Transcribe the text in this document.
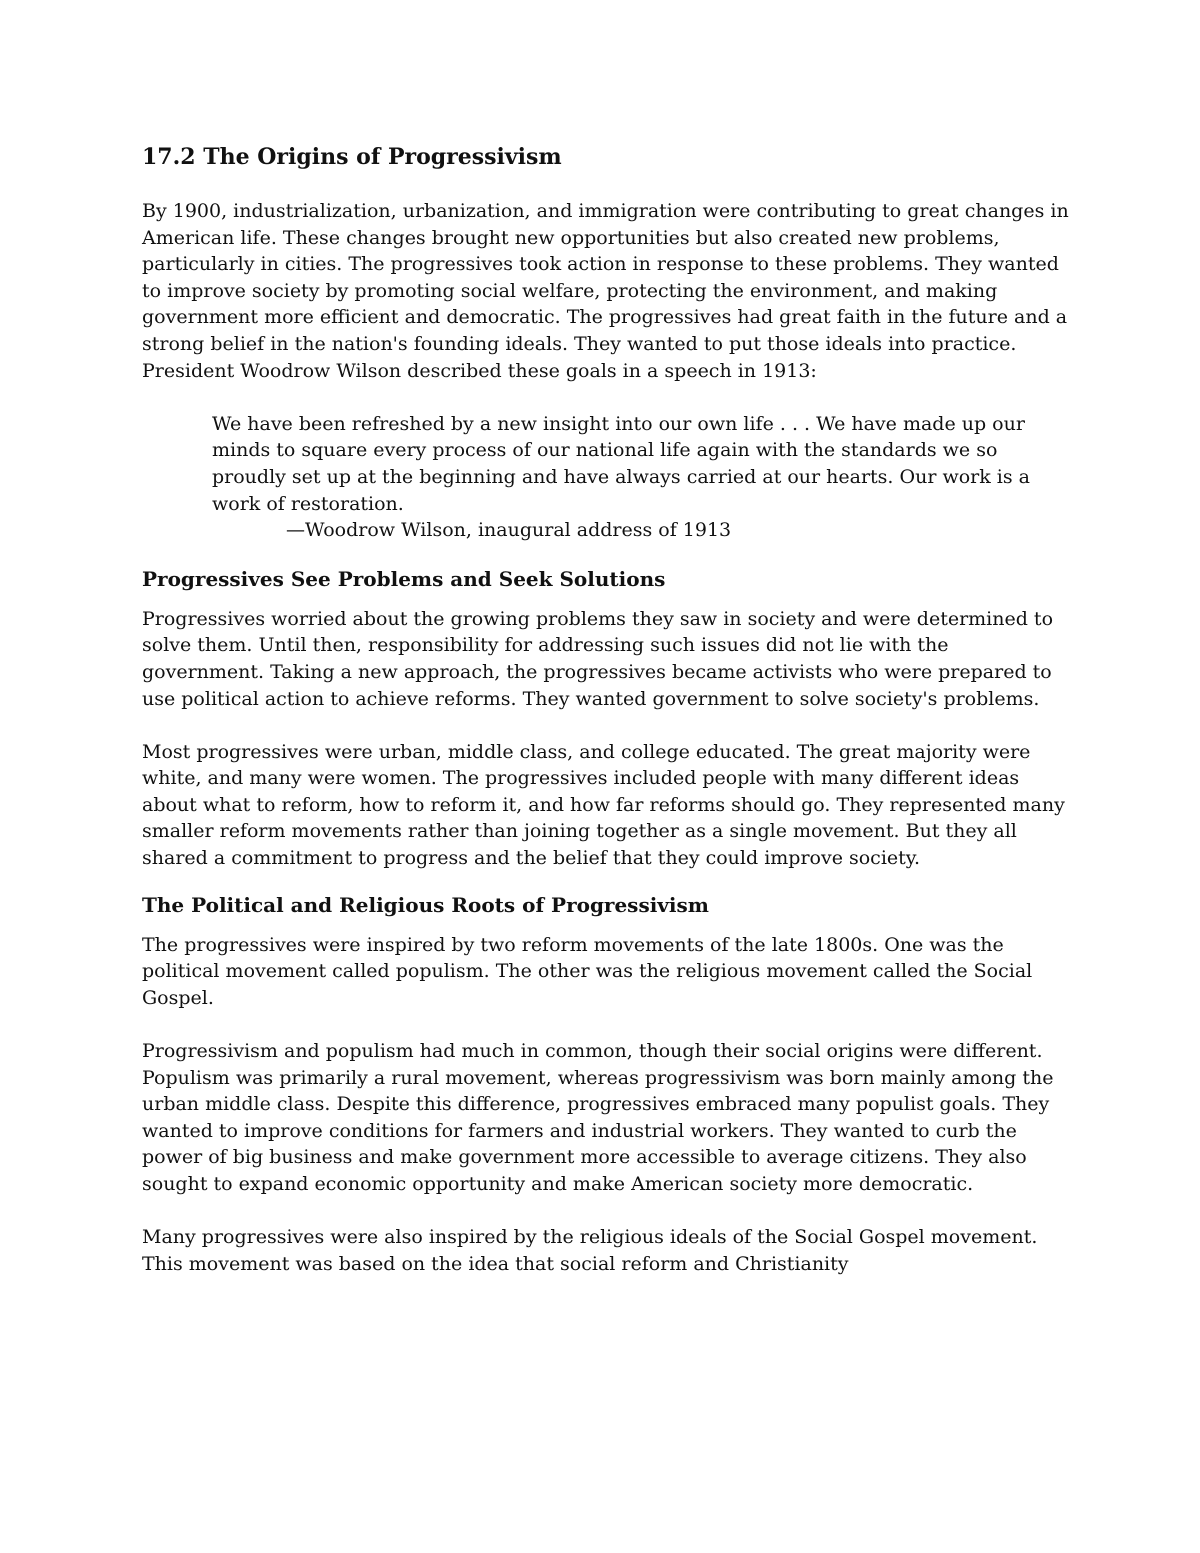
17.2 The Origins of Progressivism

By 1900, industrialization, urbanization, and immigration were contributing to great changes in American life. These changes brought new opportunities but also created new problems, particularly in cities. The progressives took action in response to these problems. They wanted to improve society by promoting social welfare, protecting the environment, and making government more efficient and democratic. The progressives had great faith in the future and a strong belief in the nation's founding ideals. They wanted to put those ideals into practice. President Woodrow Wilson described these goals in a speech in 1913:

We have been refreshed by a new insight into our own life . . . We have made up our minds to square every process of our national life again with the standards we so proudly set up at the beginning and have always carried at our hearts. Our work is a work of restoration.

—Woodrow Wilson, inaugural address of 1913

Progressives See Problems and Seek Solutions

Progressives worried about the growing problems they saw in society and were determined to solve them. Until then, responsibility for addressing such issues did not lie with the government. Taking a new approach, the progressives became activists who were prepared to use political action to achieve reforms. They wanted government to solve society's problems.

Most progressives were urban, middle class, and college educated. The great majority were white, and many were women. The progressives included people with many different ideas about what to reform, how to reform it, and how far reforms should go. They represented many smaller reform movements rather than joining together as a single movement. But they all shared a commitment to progress and the belief that they could improve society.

The Political and Religious Roots of Progressivism

The progressives were inspired by two reform movements of the late 1800s. One was the political movement called populism. The other was the religious movement called the Social Gospel.

Progressivism and populism had much in common, though their social origins were different. Populism was primarily a rural movement, whereas progressivism was born mainly among the urban middle class. Despite this difference, progressives embraced many populist goals. They wanted to improve conditions for farmers and industrial workers. They wanted to curb the power of big business and make government more accessible to average citizens. They also sought to expand economic opportunity and make American society more democratic.

Many progressives were also inspired by the religious ideals of the Social Gospel movement. This movement was based on the idea that social reform and Christianity
